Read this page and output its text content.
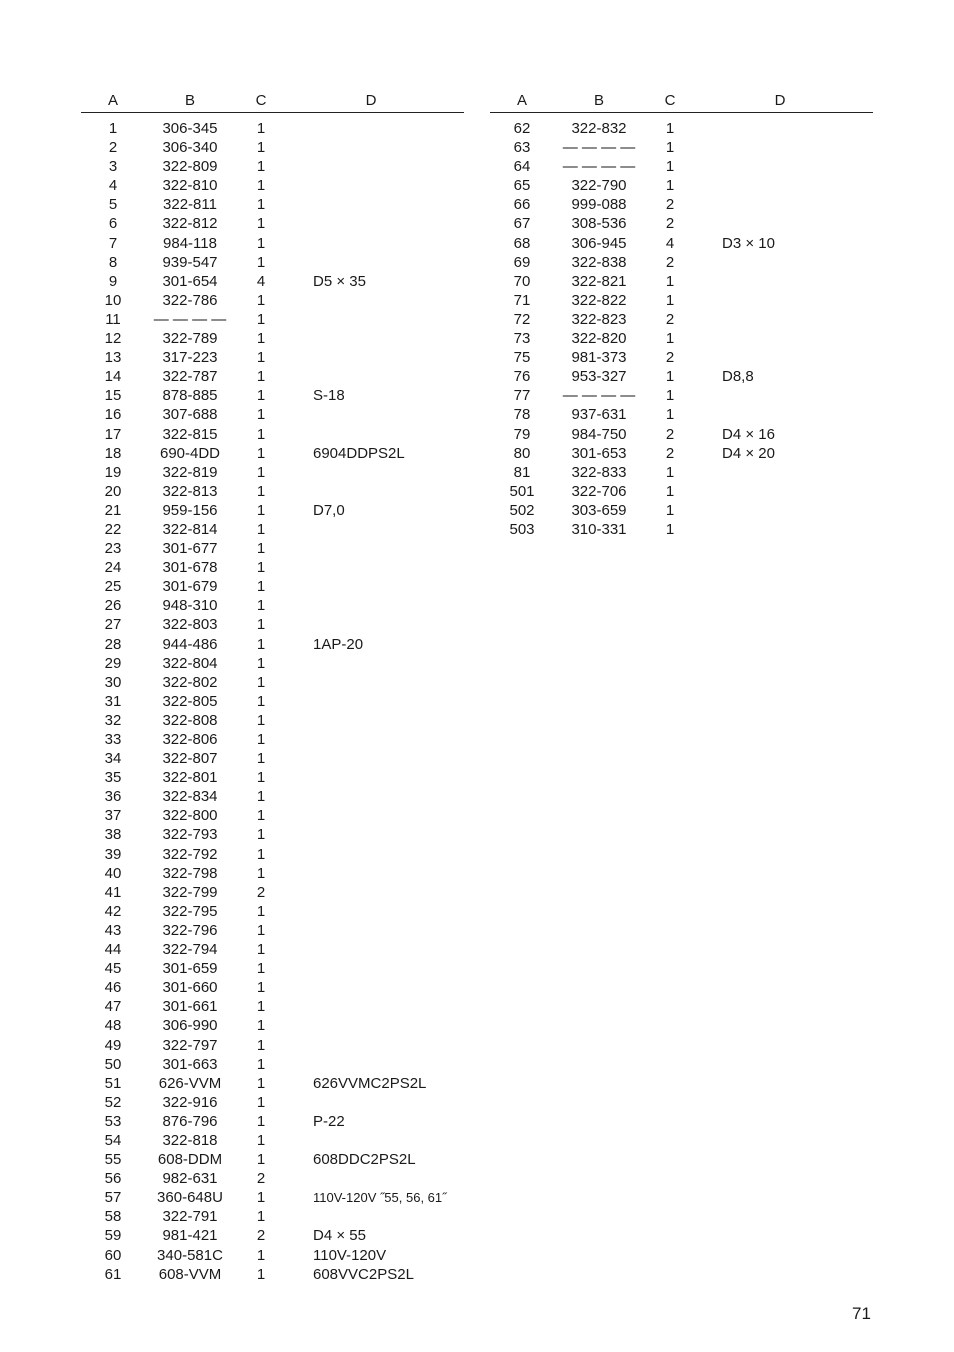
A	B	C	D
1	306-345	1
2	306-340	1
3	322-809	1
4	322-810	1
5	322-811	1
6	322-812	1
7	984-118	1
8	939-547	1
9	301-654	4	D5 × 35
10	322-786	1
11	— — — —	1
12	322-789	1
13	317-223	1
14	322-787	1
15	878-885	1	S-18
16	307-688	1
17	322-815	1
18	690-4DD	1	6904DDPS2L
19	322-819	1
20	322-813	1
21	959-156	1	D7,0
22	322-814	1
23	301-677	1
24	301-678	1
25	301-679	1
26	948-310	1
27	322-803	1
28	944-486	1	1AP-20
29	322-804	1
30	322-802	1
31	322-805	1
32	322-808	1
33	322-806	1
34	322-807	1
35	322-801	1
36	322-834	1
37	322-800	1
38	322-793	1
39	322-792	1
40	322-798	1
41	322-799	2
42	322-795	1
43	322-796	1
44	322-794	1
45	301-659	1
46	301-660	1
47	301-661	1
48	306-990	1
49	322-797	1
50	301-663	1
51	626-VVM	1	626VVMC2PS2L
52	322-916	1
53	876-796	1	P-22
54	322-818	1
55	608-DDM	1	608DDC2PS2L
56	982-631	2
57	360-648U	1	110V-120V ˝55, 56, 61˝
58	322-791	1
59	981-421	2	D4 × 55
60	340-581C	1	110V-120V
61	608-VVM	1	608VVC2PS2L
A	B	C	D
62	322-832	1
63	— — — —	1
64	— — — —	1
65	322-790	1
66	999-088	2
67	308-536	2
68	306-945	4	D3 × 10
69	322-838	2
70	322-821	1
71	322-822	1
72	322-823	2
73	322-820	1
75	981-373	2
76	953-327	1	D8,8
77	— — — —	1
78	937-631	1
79	984-750	2	D4 × 16
80	301-653	2	D4 × 20
81	322-833	1
501	322-706	1
502	303-659	1
503	310-331	1
71
